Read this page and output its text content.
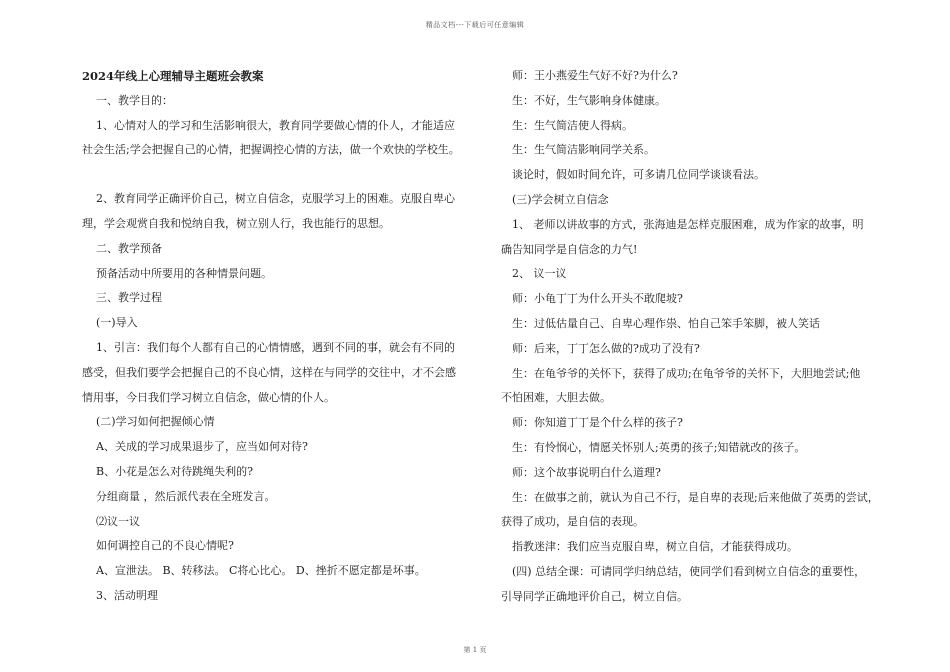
精品文档---下载后可任意编辑
2024年线上心理辅导主题班会教案
一、教学目的：
1、心情对人的学习和生活影响很大，教育同学要做心情的仆人，才能适应
社会生活;学会把握自己的心情，把握调控心情的方法，做一个欢快的学校生。
2、教育同学正确评价自己，树立自信念，克服学习上的困难。克服自卑心
理，学会观赏自我和悦纳自我，树立别人行，我也能行的思想。
二、教学预备
预备活动中所要用的各种情景问题。
三、教学过程
(一)导入
1、引言：我们每个人都有自己的心情情感，遇到不同的事，就会有不同的
感受，但我们要学会把握自己的不良心情，这样在与同学的交往中，才不会感
情用事，今日我们学习树立自信念，做心情的仆人。
(二)学习如何把握倾心情
A、关成的学习成果退步了，应当如何对待?
B、小花是怎么对待跳绳失利的?
分组商量 ，然后派代表在全班发言。
⑵议一议
如何调控自己的不良心情呢?
A、宣泄法。 B、转移法。 C将心比心。 D、挫折不愿定都是坏事。
3、活动明理
师：王小燕爱生气好不好?为什么?
生：不好，生气影响身体健康。
生：生气简洁使人得病。
生：生气简洁影响同学关系。
谈论时，假如时间允许，可多请几位同学谈谈看法。
(三)学会树立自信念
1、 老师以讲故事的方式，张海迪是怎样克服困难，成为作家的故事，明
确告知同学是自信念的力气!
2、 议一议
师：小龟丁丁为什么开头不敢爬坡?
生：过低估量自己、自卑心理作祟、怕自己笨手笨脚，被人笑话
师：后来，丁丁怎么做的?成功了没有?
生：在龟爷爷的关怀下，获得了成功;在龟爷爷的关怀下，大胆地尝试;他
不怕困难，大胆去做。
师：你知道丁丁是个什么样的孩子?
生：有怜悯心，情愿关怀别人;英勇的孩子;知错就改的孩子。
师：这个故事说明白什么道理?
生：在做事之前，就认为自己不行，是自卑的表现;后来他做了英勇的尝试，
获得了成功，是自信的表现。
指教迷津：我们应当克服自卑，树立自信，才能获得成功。
(四) 总结全课：可请同学归纳总结，使同学们看到树立自信念的重要性，
引导同学正确地评价自己，树立自信。
第 1 页
